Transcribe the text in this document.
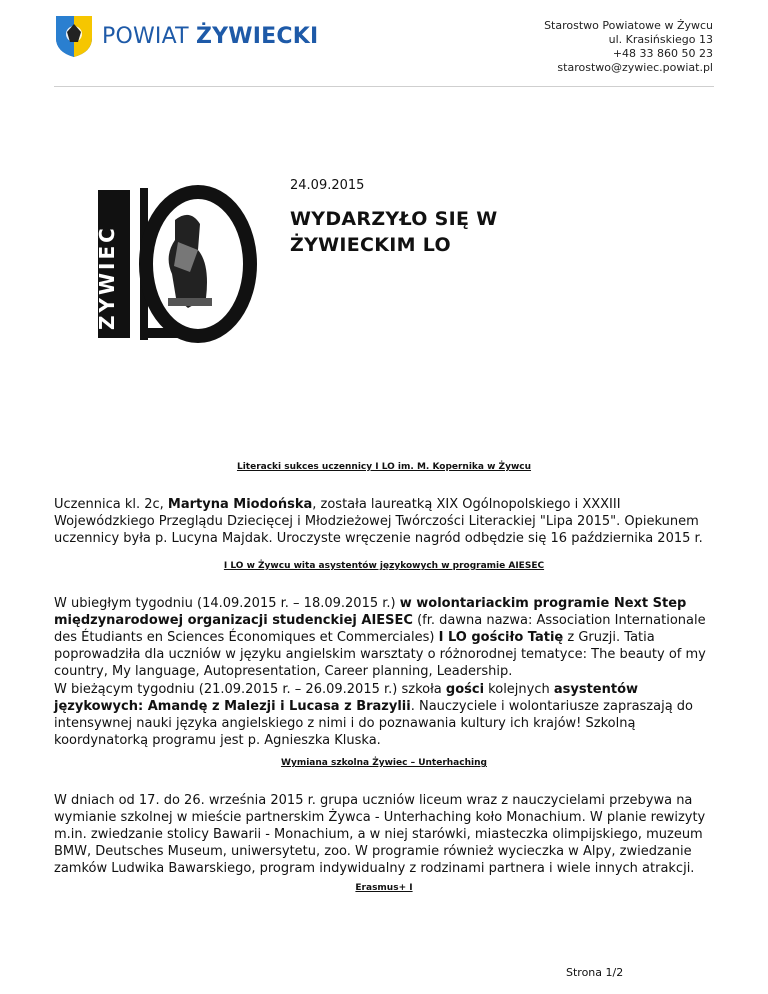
POWIAT ŻYWIECKI	Starostwo Powiatowe w Żywcu
ul. Krasińskiego 13
+48 33 860 50 23
starostwo@zywiec.powiat.pl
ŻYWIEC
24.09.2015
WYDARZYŁO SIĘ W ŻYWIECKIM LO
Literacki sukces uczennicy I LO im. M. Kopernika w Żywcu

Uczennica kl. 2c, Martyna Miodońska, została laureatką XIX Ogólnopolskiego i XXXIII Wojewódzkiego Przeglądu Dziecięcej i Młodzieżowej Twórczości Literackiej "Lipa 2015". Opiekunem uczennicy była p. Lucyna Majdak. Uroczyste wręczenie nagród odbędzie się 16 października 2015 r.

I LO w Żywcu wita asystentów językowych w programie AIESEC

W ubiegłym tygodniu (14.09.2015 r. – 18.09.2015 r.) w wolontariackim programie Next Step międzynarodowej organizacji studenckiej AIESEC (fr. dawna nazwa: Association Internationale des Étudiants en Sciences Économiques et Commerciales) I LO gościło Tatię z Gruzji. Tatia poprowadziła dla uczniów w języku angielskim warsztaty o różnorodnej tematyce: The beauty of my country, My language, Autopresentation, Career planning, Leadership.

W bieżącym tygodniu (21.09.2015 r. – 26.09.2015 r.) szkoła gości kolejnych asystentów językowych: Amandę z Malezji i Lucasa z Brazylii. Nauczyciele i wolontariusze zapraszają do intensywnej nauki języka angielskiego z nimi i do poznawania kultury ich krajów! Szkolną koordynatorką programu jest p. Agnieszka Kluska.

Wymiana szkolna Żywiec – Unterhaching

W dniach od 17. do 26. września 2015 r. grupa uczniów liceum wraz z nauczycielami przebywa na wymianie szkolnej w mieście partnerskim Żywca - Unterhaching koło Monachium. W planie rewizyty m.in. zwiedzanie stolicy Bawarii - Monachium, a w niej starówki, miasteczka olimpijskiego, muzeum BMW, Deutsches Museum, uniwersytetu, zoo. W programie również wycieczka w Alpy, zwiedzanie zamków Ludwika Bawarskiego, program indywidualny z rodzinami partnera i wiele innych atrakcji.

Erasmus+ I
Strona 1/2
